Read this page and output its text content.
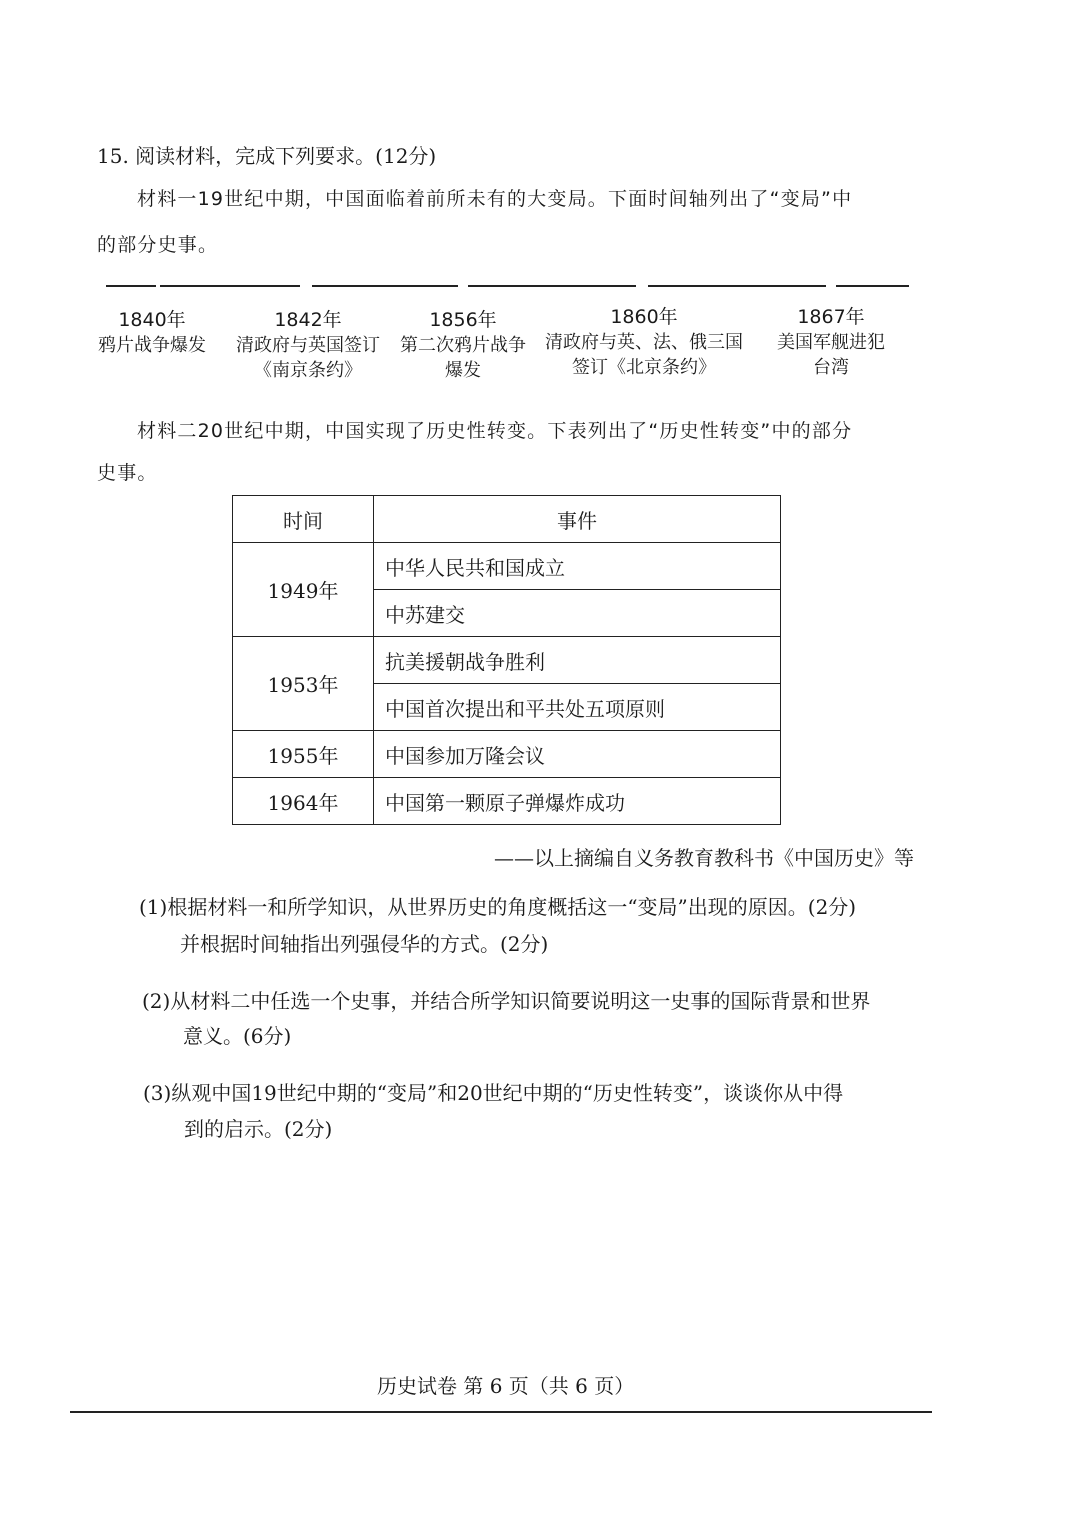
15. 阅读材料，完成下列要求。(12分)
材料一19世纪中期，中国面临着前所未有的大变局。下面时间轴列出了“变局”中
的部分史事。
1840年
鸦片战争爆发
1842年
清政府与英国签订
《南京条约》
1856年
第二次鸦片战争
爆发
1860年
清政府与英、法、俄三国
签订《北京条约》
1867年
美国军舰进犯
台湾
材料二20世纪中期，中国实现了历史性转变。下表列出了“历史性转变”中的部分
史事。
时间	事件
1949年	中华人民共和国成立
	中苏建交
1953年	抗美援朝战争胜利
	中国首次提出和平共处五项原则
1955年	中国参加万隆会议
1964年	中国第一颗原子弹爆炸成功
——以上摘编自义务教育教科书《中国历史》等
(1)根据材料一和所学知识，从世界历史的角度概括这一“变局”出现的原因。(2分)
并根据时间轴指出列强侵华的方式。(2分)
(2)从材料二中任选一个史事，并结合所学知识简要说明这一史事的国际背景和世界
意义。(6分)
(3)纵观中国19世纪中期的“变局”和20世纪中期的“历史性转变”，谈谈你从中得
到的启示。(2分)
历史试卷 第 6 页（共 6 页）
